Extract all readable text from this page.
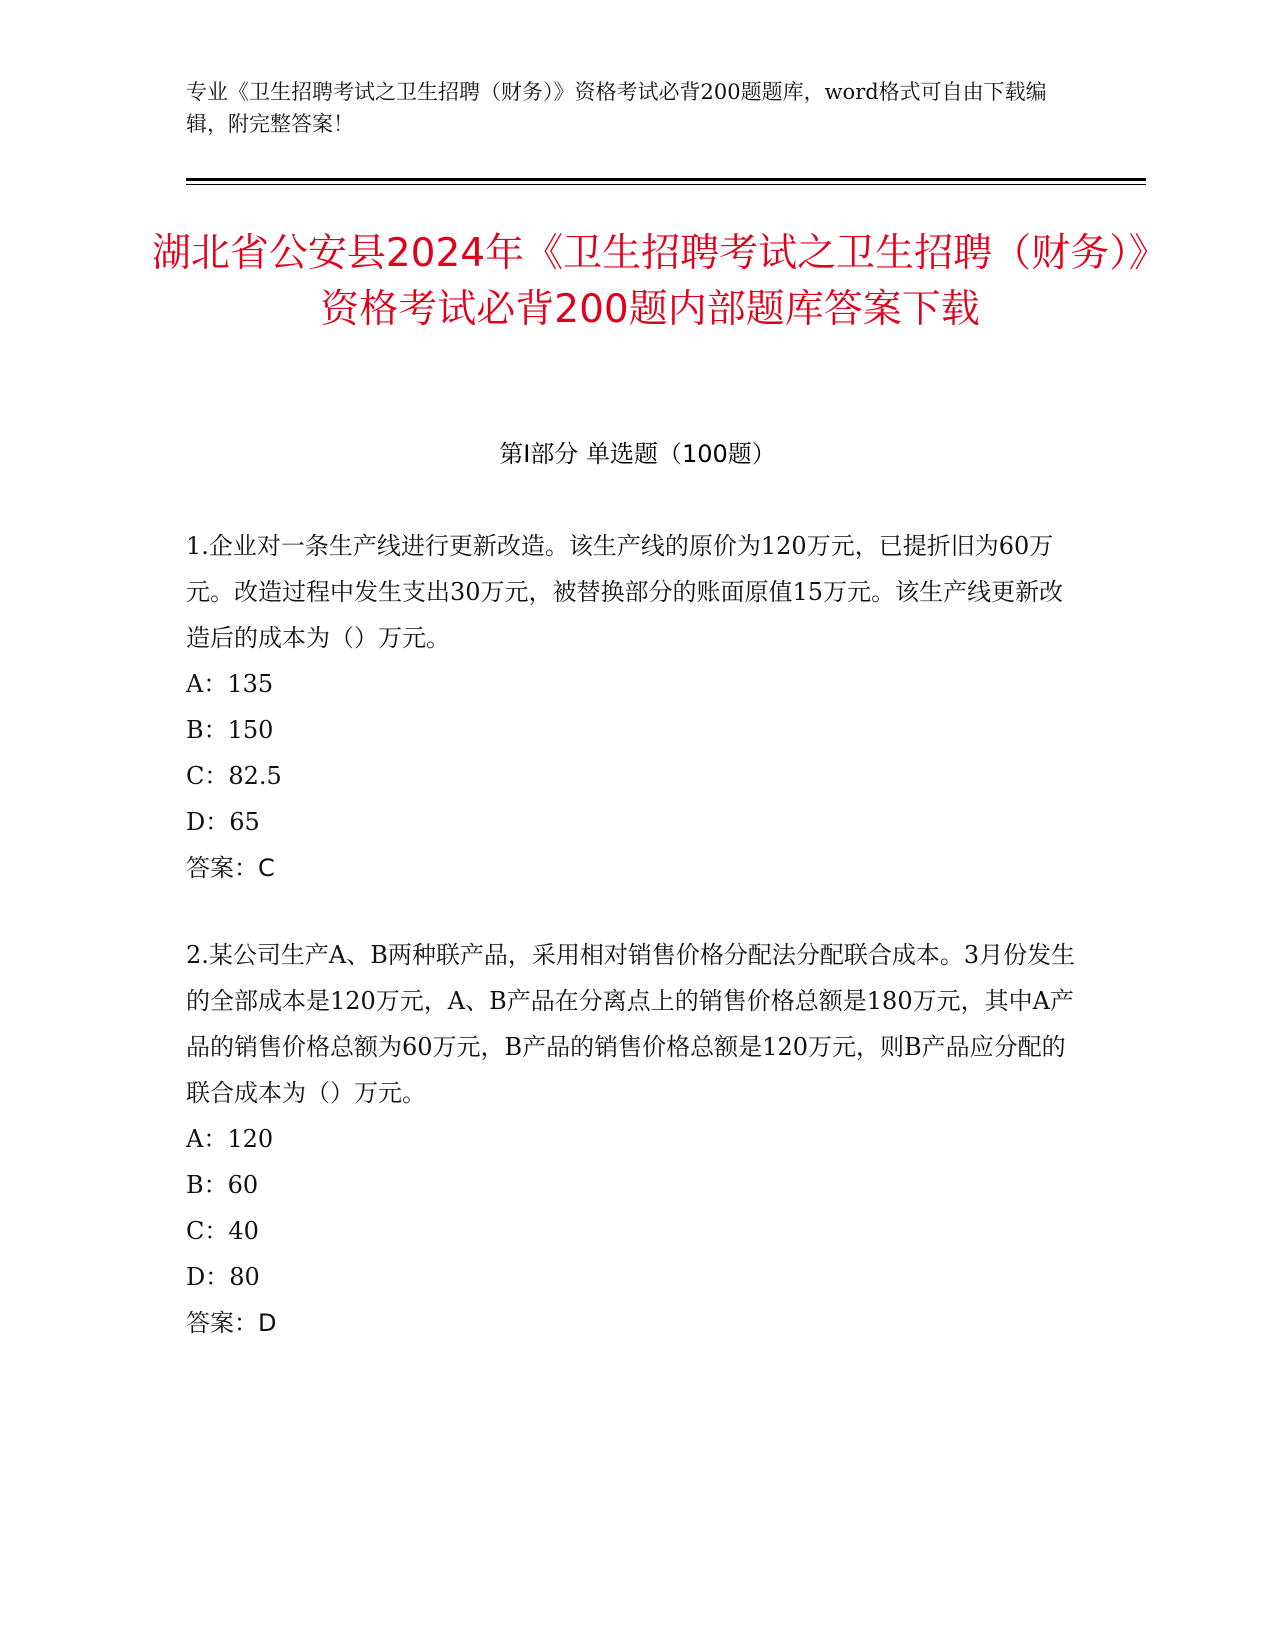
专业《卫生招聘考试之卫生招聘（财务）》资格考试必背200题题库，word格式可自由下载编辑，附完整答案！
湖北省公安县2024年《卫生招聘考试之卫生招聘（财务）》资格考试必背200题内部题库答案下载
第Ⅰ部分 单选题（100题）
1.企业对一条生产线进行更新改造。该生产线的原价为120万元，已提折旧为60万元。改造过程中发生支出30万元，被替换部分的账面原值15万元。该生产线更新改造后的成本为（）万元。
A：135
B：150
C：82.5
D：65
答案：C
2.某公司生产A、B两种联产品，采用相对销售价格分配法分配联合成本。3月份发生的全部成本是120万元，A、B产品在分离点上的销售价格总额是180万元，其中A产品的销售价格总额为60万元，B产品的销售价格总额是120万元，则B产品应分配的联合成本为（）万元。
A：120
B：60
C：40
D：80
答案：D
